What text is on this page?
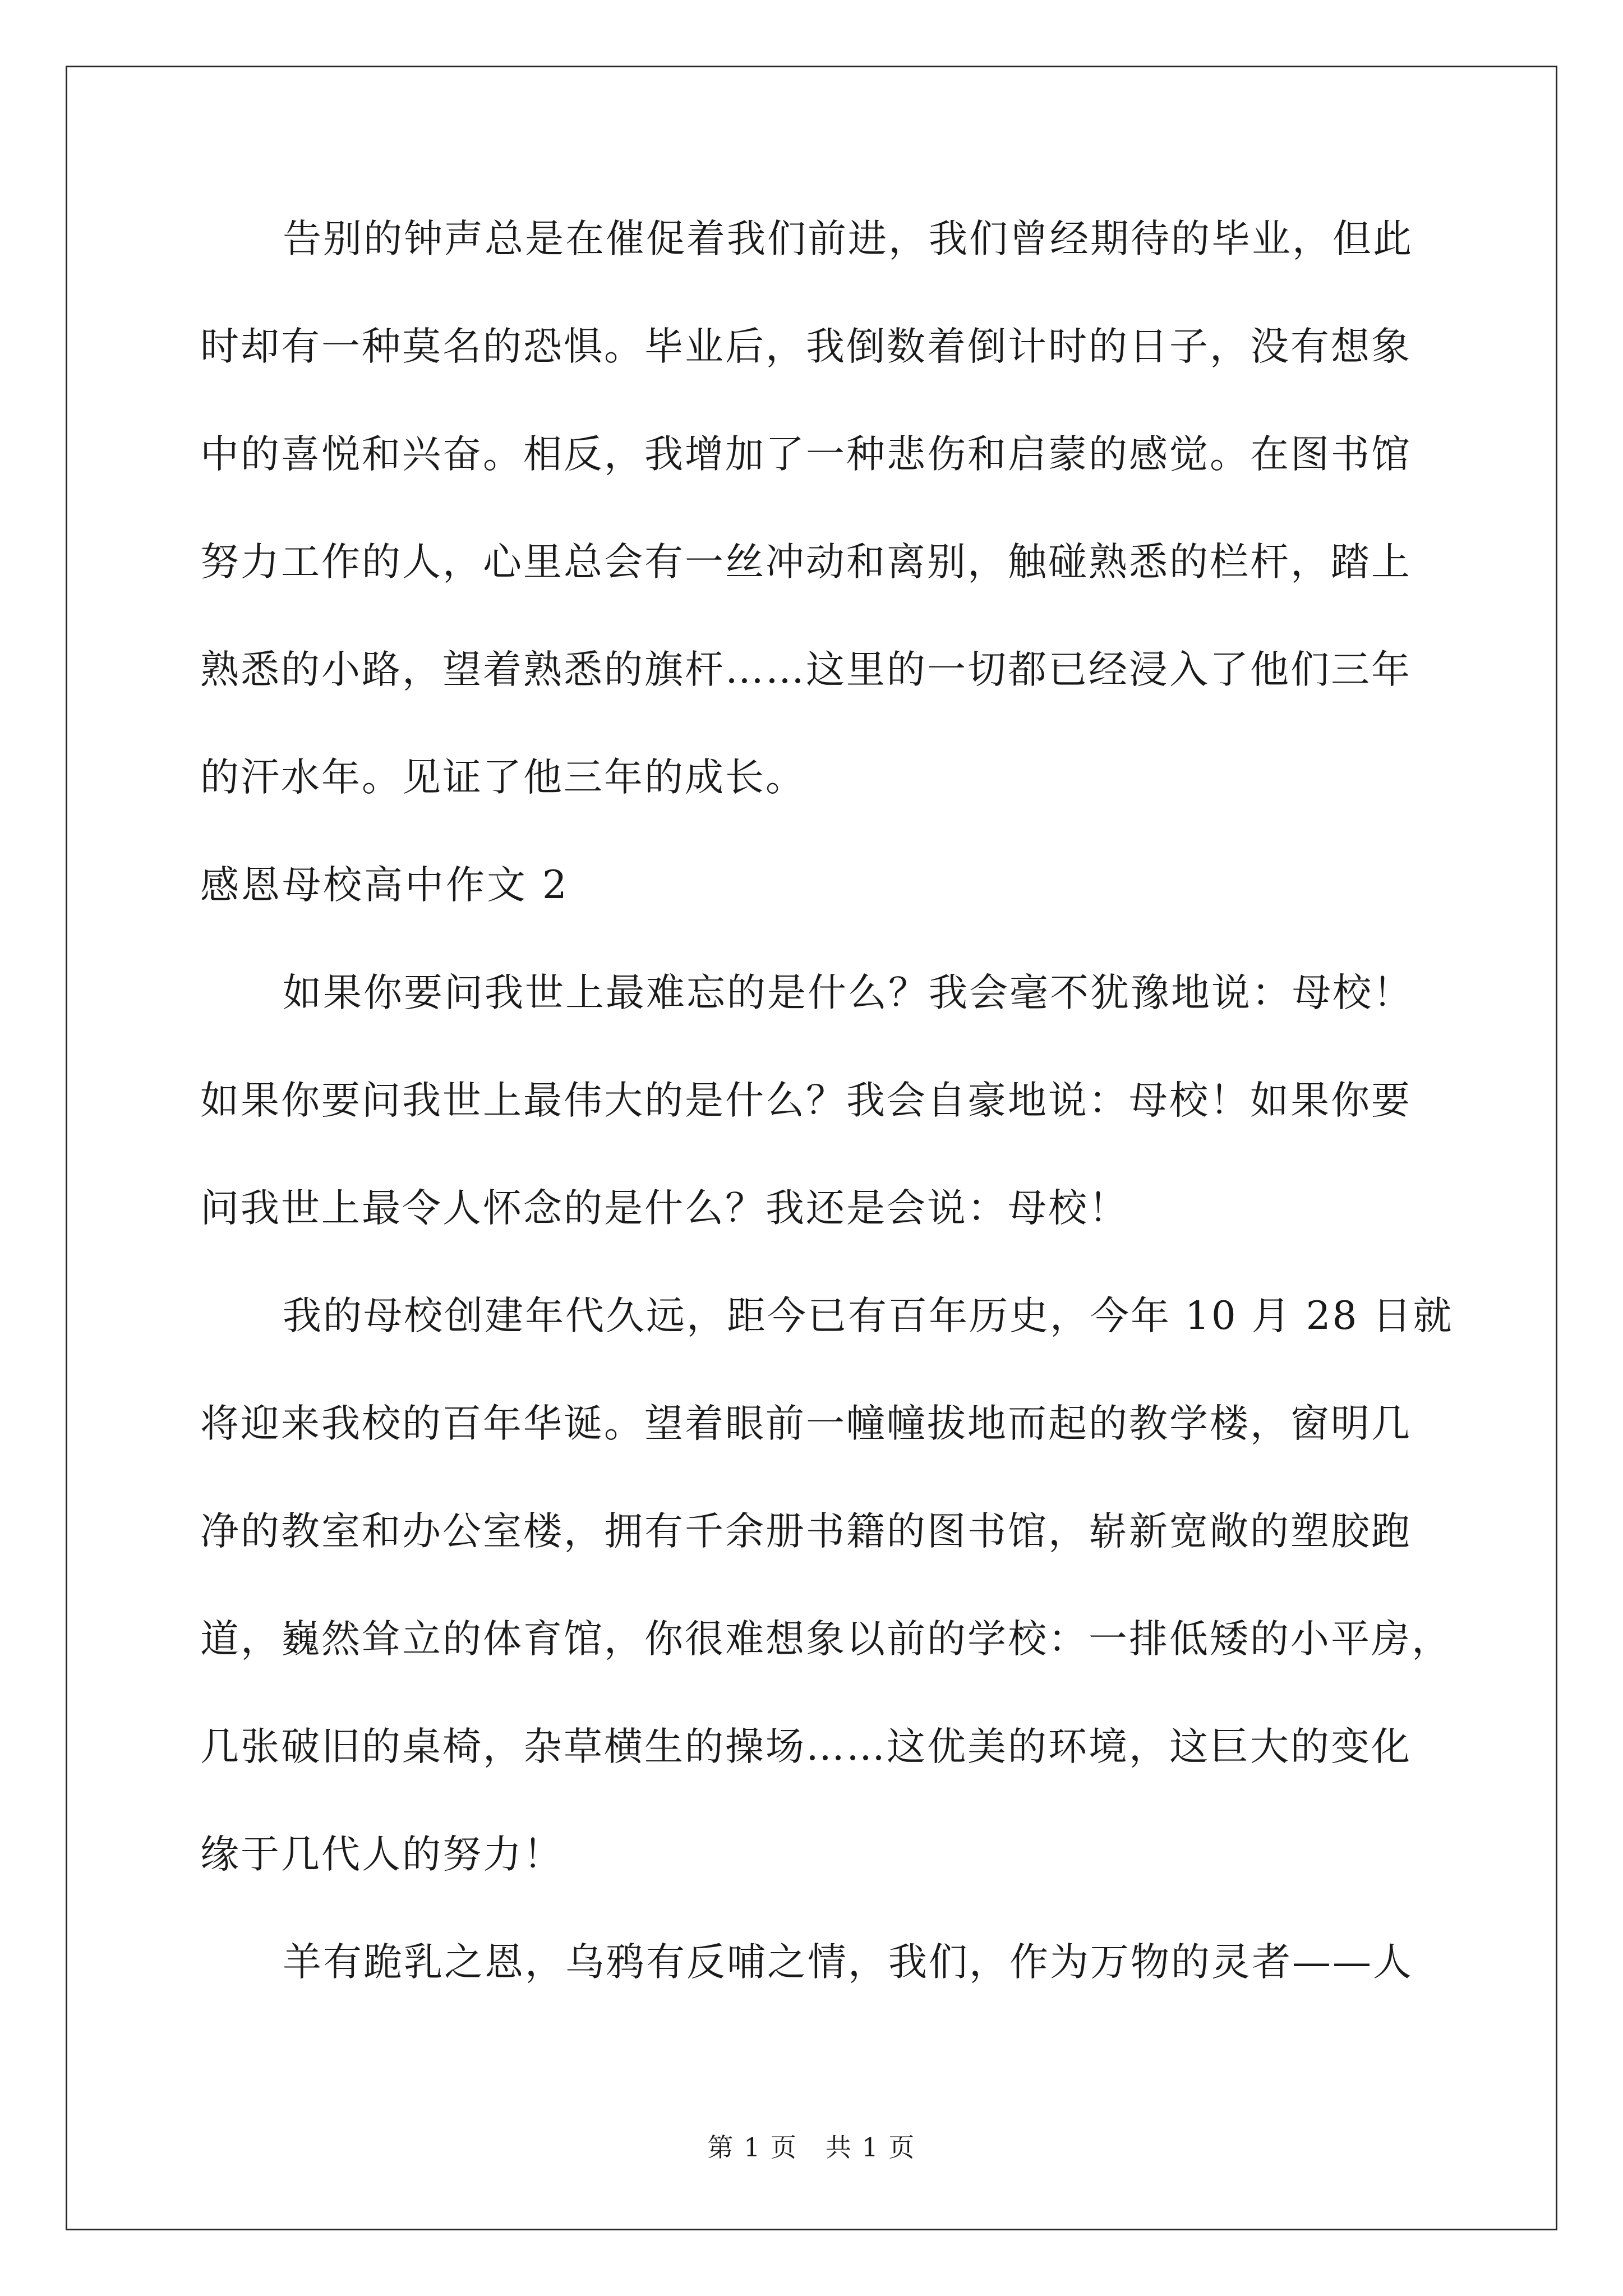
告别的钟声总是在催促着我们前进，我们曾经期待的毕业，但此
时却有一种莫名的恐惧。毕业后，我倒数着倒计时的日子，没有想象
中的喜悦和兴奋。相反，我增加了一种悲伤和启蒙的感觉。在图书馆
努力工作的人，心里总会有一丝冲动和离别，触碰熟悉的栏杆，踏上
熟悉的小路，望着熟悉的旗杆……这里的一切都已经浸入了他们三年
的汗水年。见证了他三年的成长。
感恩母校高中作文 2
如果你要问我世上最难忘的是什么？我会毫不犹豫地说：母校！
如果你要问我世上最伟大的是什么？我会自豪地说：母校！如果你要
问我世上最令人怀念的是什么？我还是会说：母校！
我的母校创建年代久远，距今已有百年历史，今年 10 月 28 日就
将迎来我校的百年华诞。望着眼前一幢幢拔地而起的教学楼，窗明几
净的教室和办公室楼，拥有千余册书籍的图书馆，崭新宽敞的塑胶跑
道，巍然耸立的体育馆，你很难想象以前的学校：一排低矮的小平房，
几张破旧的桌椅，杂草横生的操场……这优美的环境，这巨大的变化
缘于几代人的努力！
羊有跪乳之恩，乌鸦有反哺之情，我们，作为万物的灵者——人
第 1 页   共 1 页
